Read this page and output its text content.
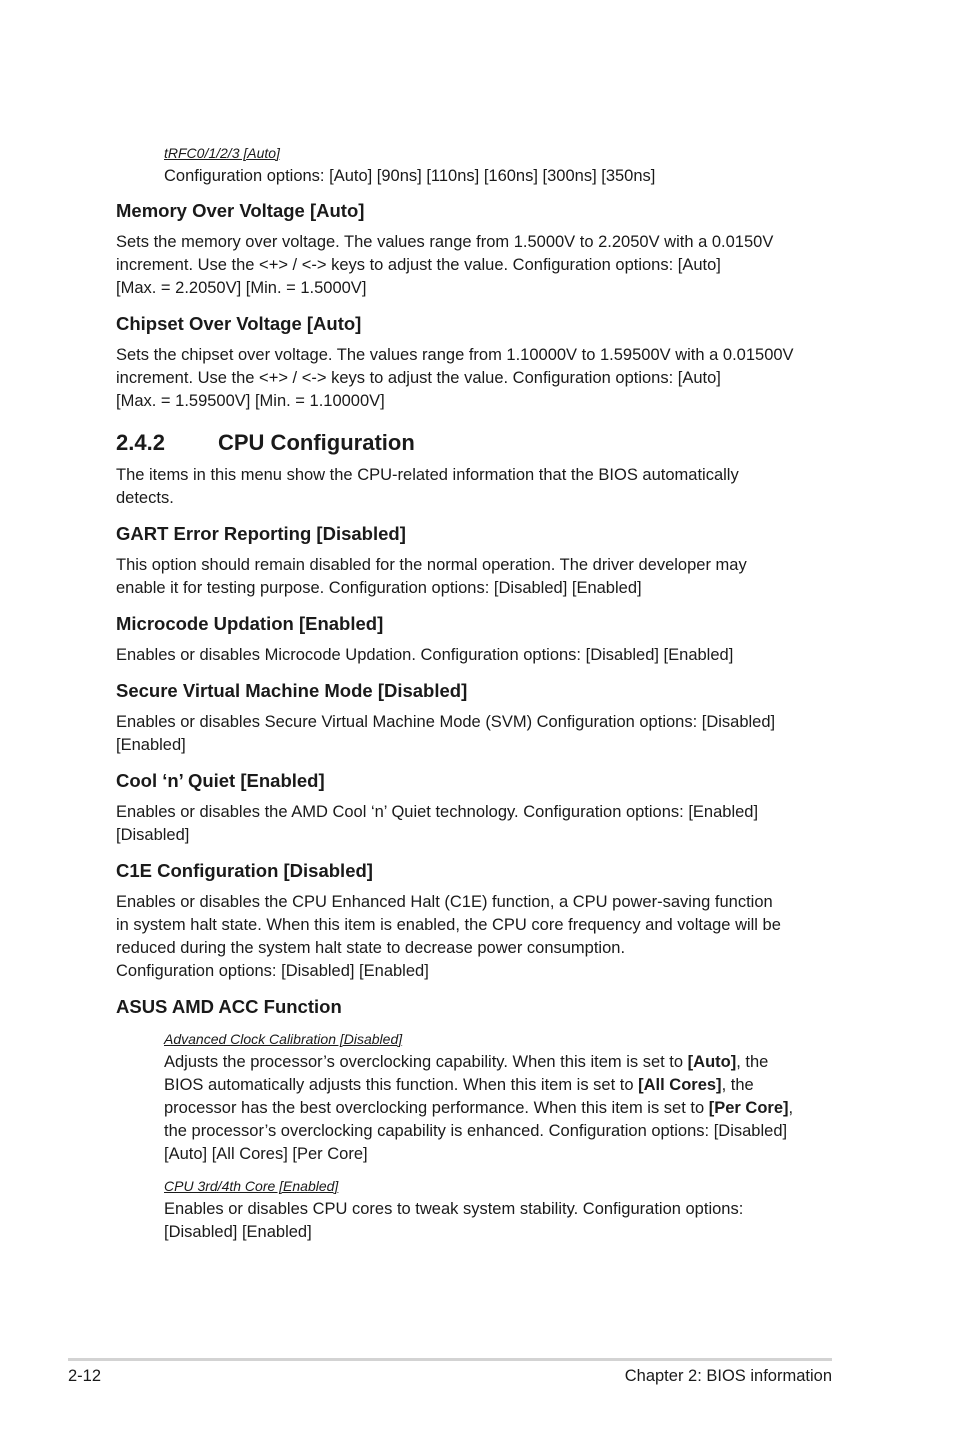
tRFC0/1/2/3 [Auto]

Configuration options: [Auto] [90ns] [110ns] [160ns] [300ns] [350ns]

Memory Over Voltage [Auto]

Sets the memory over voltage. The values range from 1.5000V to 2.2050V with a 0.0150V

increment. Use the <+> / <-> keys to adjust the value. Configuration options: [Auto]

[Max. = 2.2050V] [Min. = 1.5000V]

Chipset Over Voltage [Auto]

Sets the chipset over voltage. The values range from 1.10000V to 1.59500V with a 0.01500V

increment. Use the <+> / <-> keys to adjust the value. Configuration options: [Auto]

[Max. = 1.59500V] [Min. = 1.10000V]

2.4.2	CPU Configuration

The items in this menu show the CPU-related information that the BIOS automatically

detects.

GART Error Reporting [Disabled]

This option should remain disabled for the normal operation. The driver developer may

enable it for testing purpose. Configuration options: [Disabled] [Enabled]

Microcode Updation [Enabled]

Enables or disables Microcode Updation. Configuration options: [Disabled] [Enabled]

Secure Virtual Machine Mode [Disabled]

Enables or disables Secure Virtual Machine Mode (SVM) Configuration options: [Disabled]

[Enabled]

Cool ‘n’ Quiet [Enabled]

Enables or disables the AMD Cool ‘n’ Quiet technology. Configuration options: [Enabled]

[Disabled]

C1E Configuration [Disabled]

Enables or disables the CPU Enhanced Halt (C1E) function, a CPU power-saving function

in system halt state. When this item is enabled, the CPU core frequency and voltage will be

reduced during the system halt state to decrease power consumption.

Configuration options: [Disabled] [Enabled]

ASUS AMD ACC Function

Advanced Clock Calibration [Disabled]

Adjusts the processor’s overclocking capability. When this item is set to [Auto], the

BIOS automatically adjusts this function. When this item is set to [All Cores], the

processor has the best overclocking performance. When this item is set to [Per Core],

the processor’s overclocking capability is enhanced. Configuration options: [Disabled]

[Auto] [All Cores] [Per Core]

CPU 3rd/4th Core [Enabled]

Enables or disables CPU cores to tweak system stability. Configuration options:

[Disabled] [Enabled]

2-12	Chapter 2: BIOS information
